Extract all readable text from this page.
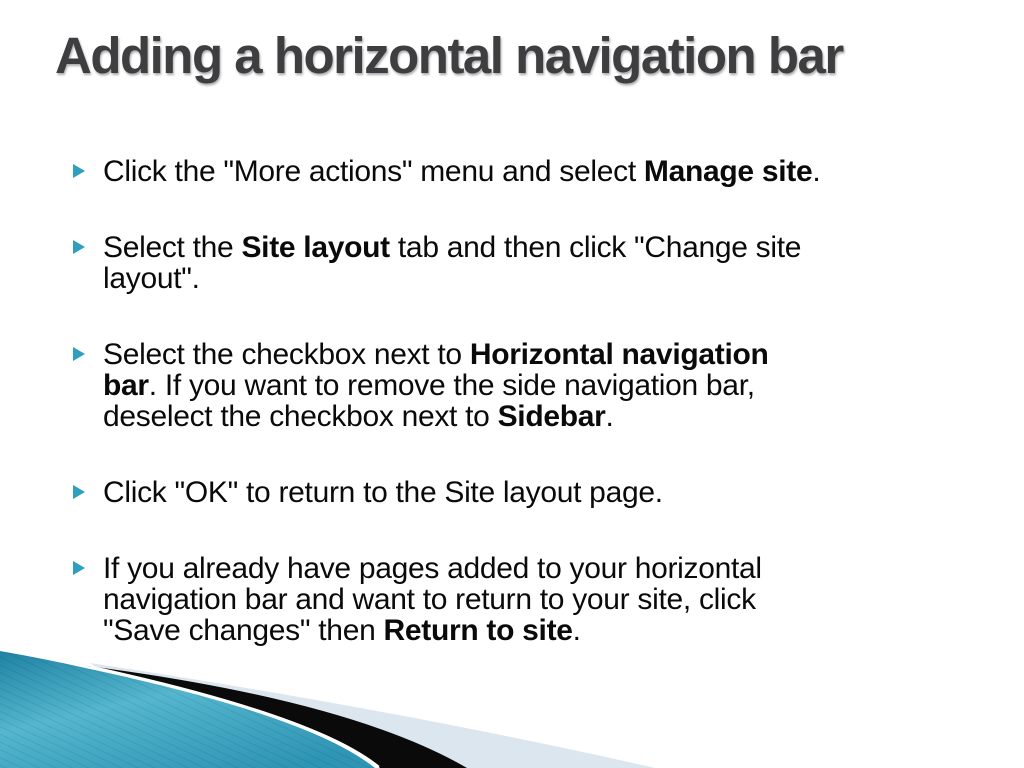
Adding a horizontal navigation bar
Click the "More actions" menu and select Manage site.
Select the Site layout tab and then click "Change site
layout".
Select the checkbox next to Horizontal navigation
bar. If you want to remove the side navigation bar,
deselect the checkbox next to Sidebar.
Click "OK" to return to the Site layout page.
If you already have pages added to your horizontal
navigation bar and want to return to your site, click
"Save changes" then Return to site.
